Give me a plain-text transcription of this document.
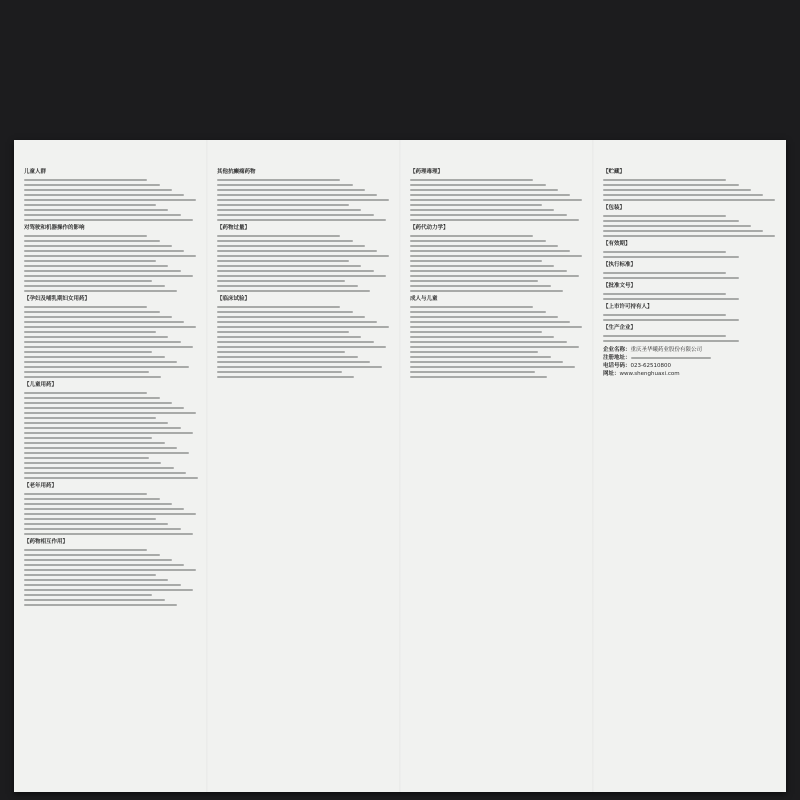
儿童人群
对驾驶和机器操作的影响
【孕妇及哺乳期妇女用药】
【儿童用药】
【老年用药】
【药物相互作用】
其他抗癫痫药物
【药物过量】
【临床试验】
【药理毒理】
【药代动力学】
成人与儿童
【贮藏】
【包装】
【有效期】
【执行标准】
【批准文号】
【上市许可持有人】
【生产企业】
企业名称：重庆圣华曦药业股份有限公司
注册地址：
电话号码：023-62510800
网址：www.shenghuaxi.com
